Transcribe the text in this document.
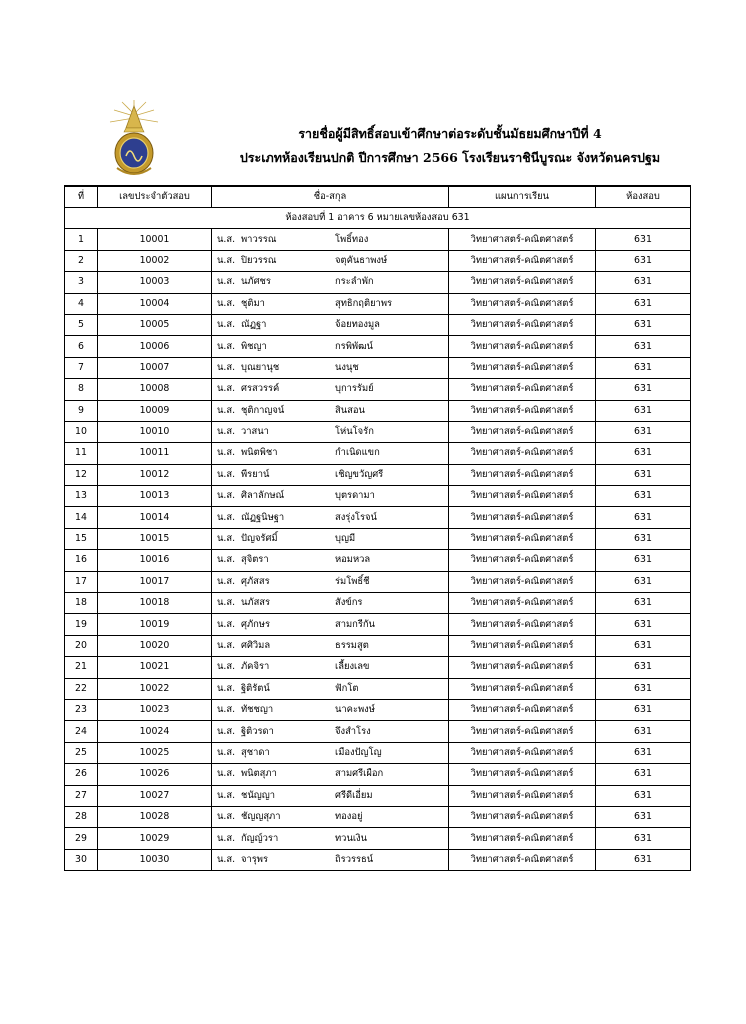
รายชื่อผู้มีสิทธิ์สอบเข้าศึกษาต่อระดับชั้นมัธยมศึกษาปีที่ 4
ประเภทห้องเรียนปกติ ปีการศึกษา 2566 โรงเรียนราชินีบูรณะ จังหวัดนครปฐม
ที่	เลขประจำตัวสอบ	ชื่อ-สกุล	แผนการเรียน	ห้องสอบ
ห้องสอบที่ 1 อาคาร 6 หมายเลขห้องสอบ 631				
1	10001	น.ส. พาวรรณ โพธิ์ทอง	วิทยาศาสตร์-คณิตศาสตร์	631
2	10002	น.ส. ปิยวรรณ จตุคันธาพงษ์	วิทยาศาสตร์-คณิตศาสตร์	631
3	10003	น.ส. นภัศชร กระลำพัก	วิทยาศาสตร์-คณิตศาสตร์	631
4	10004	น.ส. ชุติมา สุทธิกฤติยาพร	วิทยาศาสตร์-คณิตศาสตร์	631
5	10005	น.ส. ณัฏฐา จ้อยทองมูล	วิทยาศาสตร์-คณิตศาสตร์	631
6	10006	น.ส. พิชญา กรพิพัฒน์	วิทยาศาสตร์-คณิตศาสตร์	631
7	10007	น.ส. บุณยานุช นงนุช	วิทยาศาสตร์-คณิตศาสตร์	631
8	10008	น.ส. ศรสวรรค์ บุการรัมย์	วิทยาศาสตร์-คณิตศาสตร์	631
9	10009	น.ส. ชุติกาญจน์ สินสอน	วิทยาศาสตร์-คณิตศาสตร์	631
10	10010	น.ส. วาสนา โห่นโจรัก	วิทยาศาสตร์-คณิตศาสตร์	631
11	10011	น.ส. พนิตพิชา กำเนิดแขก	วิทยาศาสตร์-คณิตศาสตร์	631
12	10012	น.ส. พีรยาน์ เชิญขวัญศรี	วิทยาศาสตร์-คณิตศาสตร์	631
13	10013	น.ส. ศิลาลักษณ์ บุตรดามา	วิทยาศาสตร์-คณิตศาสตร์	631
14	10014	น.ส. ณัฏฐนิษฐา สงรุ่งโรจน์	วิทยาศาสตร์-คณิตศาสตร์	631
15	10015	น.ส. ปัญจรัศมิ์ บุญมี	วิทยาศาสตร์-คณิตศาสตร์	631
16	10016	น.ส. สุจิตรา หอมหวล	วิทยาศาสตร์-คณิตศาสตร์	631
17	10017	น.ส. ศุภัสสร ร่มโพธิ์ชี	วิทยาศาสตร์-คณิตศาสตร์	631
18	10018	น.ส. นภัสสร สังข์กร	วิทยาศาสตร์-คณิตศาสตร์	631
19	10019	น.ส. ศุภักษร สามกรีกัน	วิทยาศาสตร์-คณิตศาสตร์	631
20	10020	น.ส. ศศิวิมล ธรรมสูต	วิทยาศาสตร์-คณิตศาสตร์	631
21	10021	น.ส. ภัคจิรา เลี้ยงเลข	วิทยาศาสตร์-คณิตศาสตร์	631
22	10022	น.ส. ฐิติรัตน์ ฟักโต	วิทยาศาสตร์-คณิตศาสตร์	631
23	10023	น.ส. ทัชชญา นาคะพงษ์	วิทยาศาสตร์-คณิตศาสตร์	631
24	10024	น.ส. ฐิติวรดา จึงสำโรง	วิทยาศาสตร์-คณิตศาสตร์	631
25	10025	น.ส. สุชาดา เมืองปัญโญ	วิทยาศาสตร์-คณิตศาสตร์	631
26	10026	น.ส. พนิตสุภา สามศรีเผือก	วิทยาศาสตร์-คณิตศาสตร์	631
27	10027	น.ส. ชนัญญา ศรีดีเอี่ยม	วิทยาศาสตร์-คณิตศาสตร์	631
28	10028	น.ส. ชัญญสุภา ทองอยู่	วิทยาศาสตร์-คณิตศาสตร์	631
29	10029	น.ส. กัญญ์วรา ทวนเงิน	วิทยาศาสตร์-คณิตศาสตร์	631
30	10030	น.ส. จารุพร ถิรวรรธน์	วิทยาศาสตร์-คณิตศาสตร์	631
